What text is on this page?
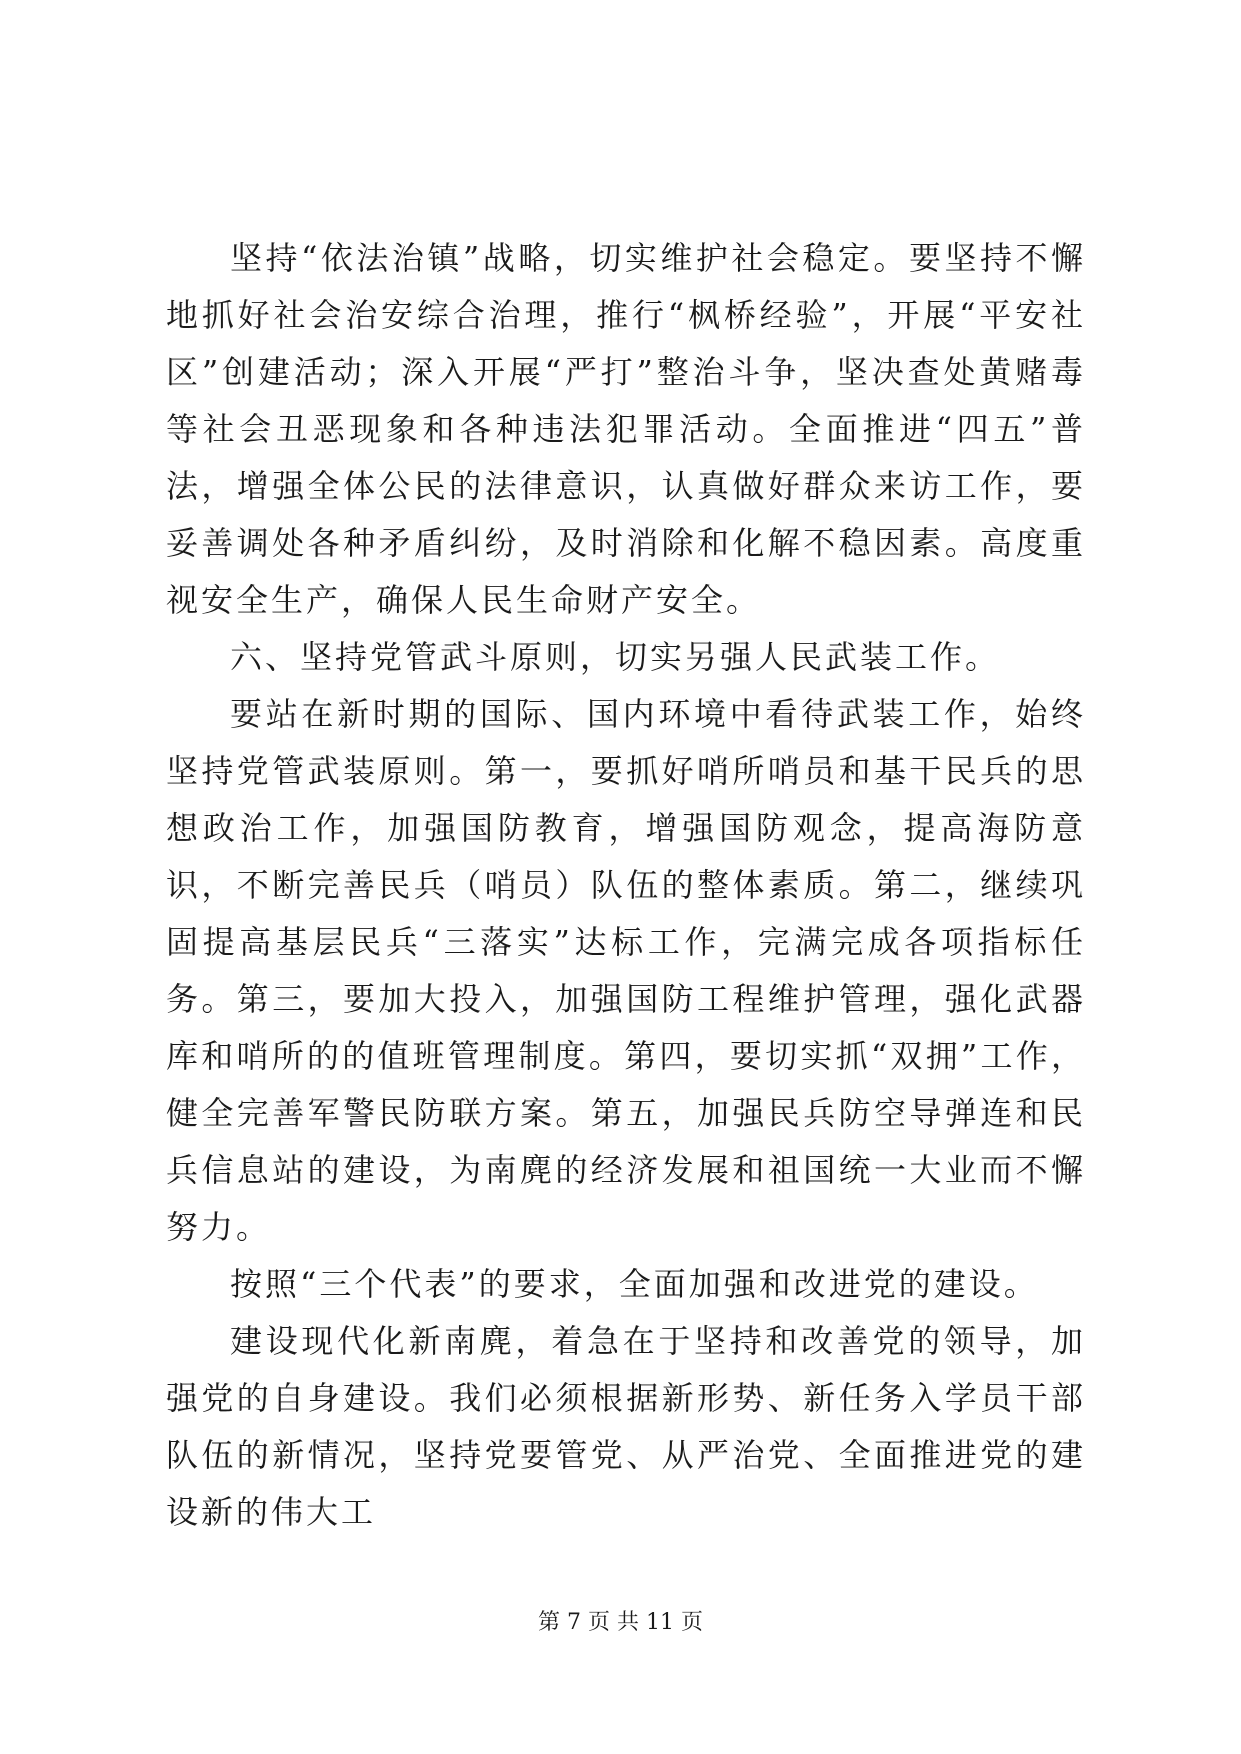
坚持“依法治镇”战略，切实维护社会稳定。要坚持不懈地抓好社会治安综合治理，推行“枫桥经验”，开展“平安社区”创建活动；深入开展“严打”整治斗争，坚决查处黄赌毒等社会丑恶现象和各种违法犯罪活动。全面推进“四五”普法，增强全体公民的法律意识，认真做好群众来访工作，要妥善调处各种矛盾纠纷，及时消除和化解不稳因素。高度重视安全生产，确保人民生命财产安全。

六、坚持党管武斗原则，切实另强人民武装工作。

要站在新时期的国际、国内环境中看待武装工作，始终坚持党管武装原则。第一，要抓好哨所哨员和基干民兵的思想政治工作，加强国防教育，增强国防观念，提高海防意识，不断完善民兵（哨员）队伍的整体素质。第二，继续巩固提高基层民兵“三落实”达标工作，完满完成各项指标任务。第三，要加大投入，加强国防工程维护管理，强化武器库和哨所的的值班管理制度。第四，要切实抓“双拥”工作，健全完善军警民防联方案。第五，加强民兵防空导弹连和民兵信息站的建设，为南麂的经济发展和祖国统一大业而不懈努力。

按照“三个代表”的要求，全面加强和改进党的建设。

建设现代化新南麂，着急在于坚持和改善党的领导，加强党的自身建设。我们必须根据新形势、新任务入学员干部队伍的新情况，坚持党要管党、从严治党、全面推进党的建设新的伟大工

第 7 页 共 11 页
